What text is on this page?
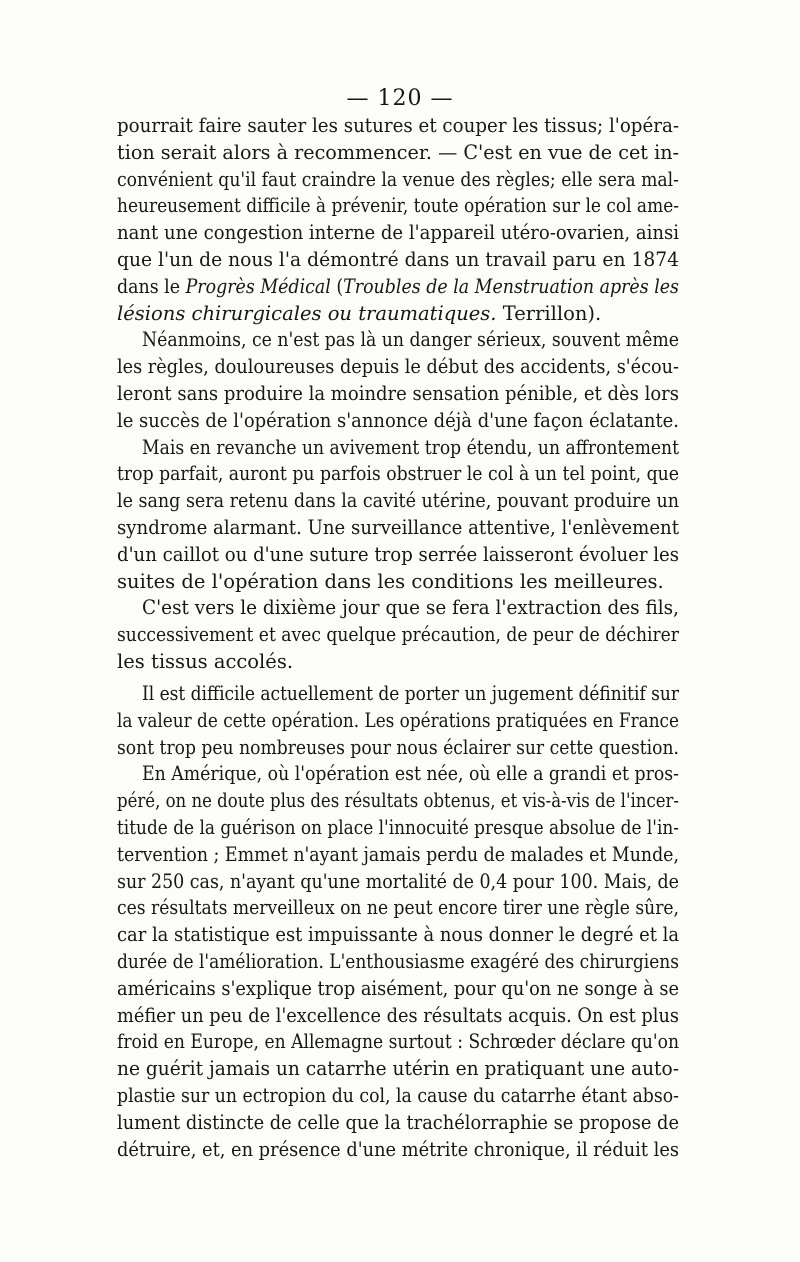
— 120 —
pourrait faire sauter les sutures et couper les tissus; l'opéra-
tion serait alors à recommencer. — C'est en vue de cet in-
convénient qu'il faut craindre la venue des règles; elle sera mal-
heureusement difficile à prévenir, toute opération sur le col ame-
nant une congestion interne de l'appareil utéro-ovarien, ainsi
que l'un de nous l'a démontré dans un travail paru en 1874
dans le Progrès Médical (Troubles de la Menstruation après les
lésions chirurgicales ou traumatiques. Terrillon).
Néanmoins, ce n'est pas là un danger sérieux, souvent même
les règles, douloureuses depuis le début des accidents, s'écou-
leront sans produire la moindre sensation pénible, et dès lors
le succès de l'opération s'annonce déjà d'une façon éclatante.
Mais en revanche un avivement trop étendu, un affrontement
trop parfait, auront pu parfois obstruer le col à un tel point, que
le sang sera retenu dans la cavité utérine, pouvant produire un
syndrome alarmant. Une surveillance attentive, l'enlèvement
d'un caillot ou d'une suture trop serrée laisseront évoluer les
suites de l'opération dans les conditions les meilleures.
C'est vers le dixième jour que se fera l'extraction des fils,
successivement et avec quelque précaution, de peur de déchirer
les tissus accolés.
Il est difficile actuellement de porter un jugement définitif sur
la valeur de cette opération. Les opérations pratiquées en France
sont trop peu nombreuses pour nous éclairer sur cette question.
En Amérique, où l'opération est née, où elle a grandi et pros-
péré, on ne doute plus des résultats obtenus, et vis-à-vis de l'incer-
titude de la guérison on place l'innocuité presque absolue de l'in-
tervention ; Emmet n'ayant jamais perdu de malades et Munde,
sur 250 cas, n'ayant qu'une mortalité de 0,4 pour 100. Mais, de
ces résultats merveilleux on ne peut encore tirer une règle sûre,
car la statistique est impuissante à nous donner le degré et la
durée de l'amélioration. L'enthousiasme exagéré des chirurgiens
américains s'explique trop aisément, pour qu'on ne songe à se
méfier un peu de l'excellence des résultats acquis. On est plus
froid en Europe, en Allemagne surtout : Schrœder déclare qu'on
ne guérit jamais un catarrhe utérin en pratiquant une auto-
plastie sur un ectropion du col, la cause du catarrhe étant abso-
lument distincte de celle que la trachélorraphie se propose de
détruire, et, en présence d'une métrite chronique, il réduit les
